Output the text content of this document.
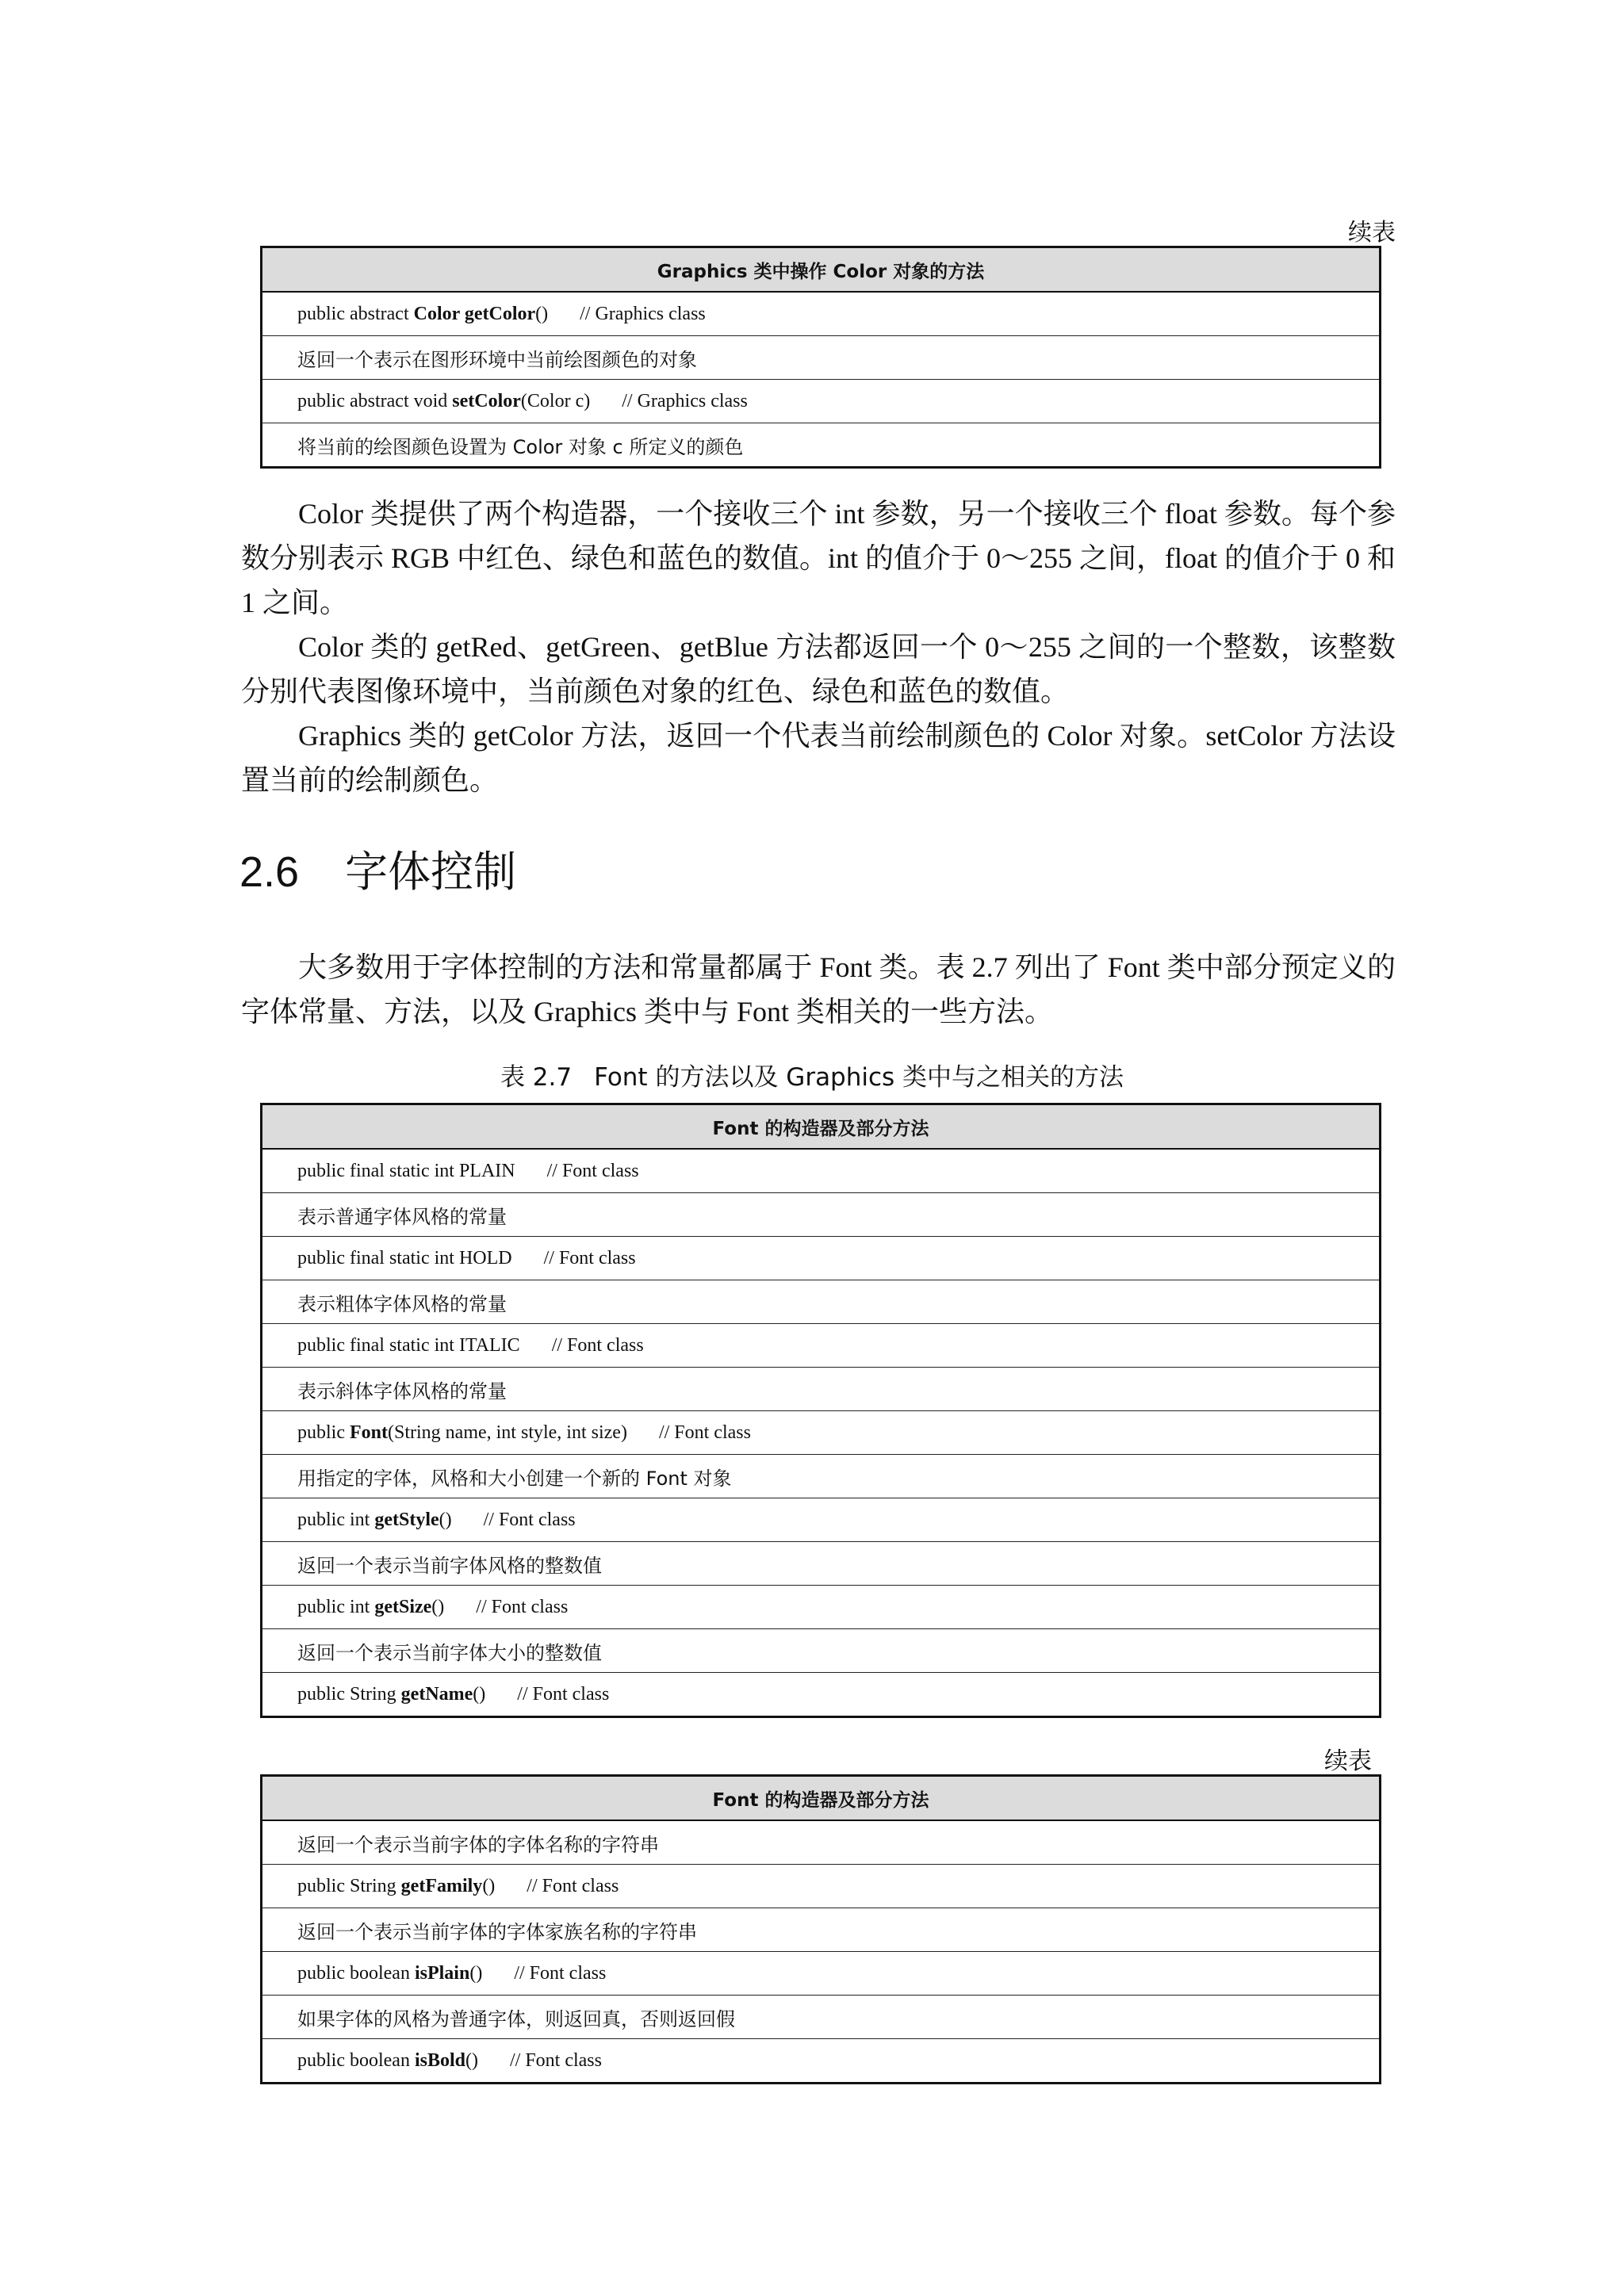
续表
Graphics 类中操作 Color 对象的方法
public abstract Color getColor() // Graphics class
返回一个表示在图形环境中当前绘图颜色的对象
public abstract void setColor(Color c) // Graphics class
将当前的绘图颜色设置为 Color 对象 c 所定义的颜色

Color 类提供了两个构造器，一个接收三个 int 参数，另一个接收三个 float 参数。每个参数分别表示 RGB 中红色、绿色和蓝色的数值。int 的值介于 0～255 之间，float 的值介于 0 和 1 之间。

Color 类的 getRed、getGreen、getBlue 方法都返回一个 0～255 之间的一个整数，该整数分别代表图像环境中，当前颜色对象的红色、绿色和蓝色的数值。

Graphics 类的 getColor 方法，返回一个代表当前绘制颜色的 Color 对象。setColor 方法设置当前的绘制颜色。

2.6 字体控制

大多数用于字体控制的方法和常量都属于 Font 类。表 2.7 列出了 Font 类中部分预定义的字体常量、方法，以及 Graphics 类中与 Font 类相关的一些方法。

表 2.7 Font 的方法以及 Graphics 类中与之相关的方法
Font 的构造器及部分方法
public final static int PLAIN // Font class
表示普通字体风格的常量
public final static int HOLD // Font class
表示粗体字体风格的常量
public final static int ITALIC // Font class
表示斜体字体风格的常量
public Font(String name, int style, int size) // Font class
用指定的字体，风格和大小创建一个新的 Font 对象
public int getStyle() // Font class
返回一个表示当前字体风格的整数值
public int getSize() // Font class
返回一个表示当前字体大小的整数值
public String getName() // Font class
续表
Font 的构造器及部分方法
返回一个表示当前字体的字体名称的字符串
public String getFamily() // Font class
返回一个表示当前字体的字体家族名称的字符串
public boolean isPlain() // Font class
如果字体的风格为普通字体，则返回真，否则返回假
public boolean isBold() // Font class
